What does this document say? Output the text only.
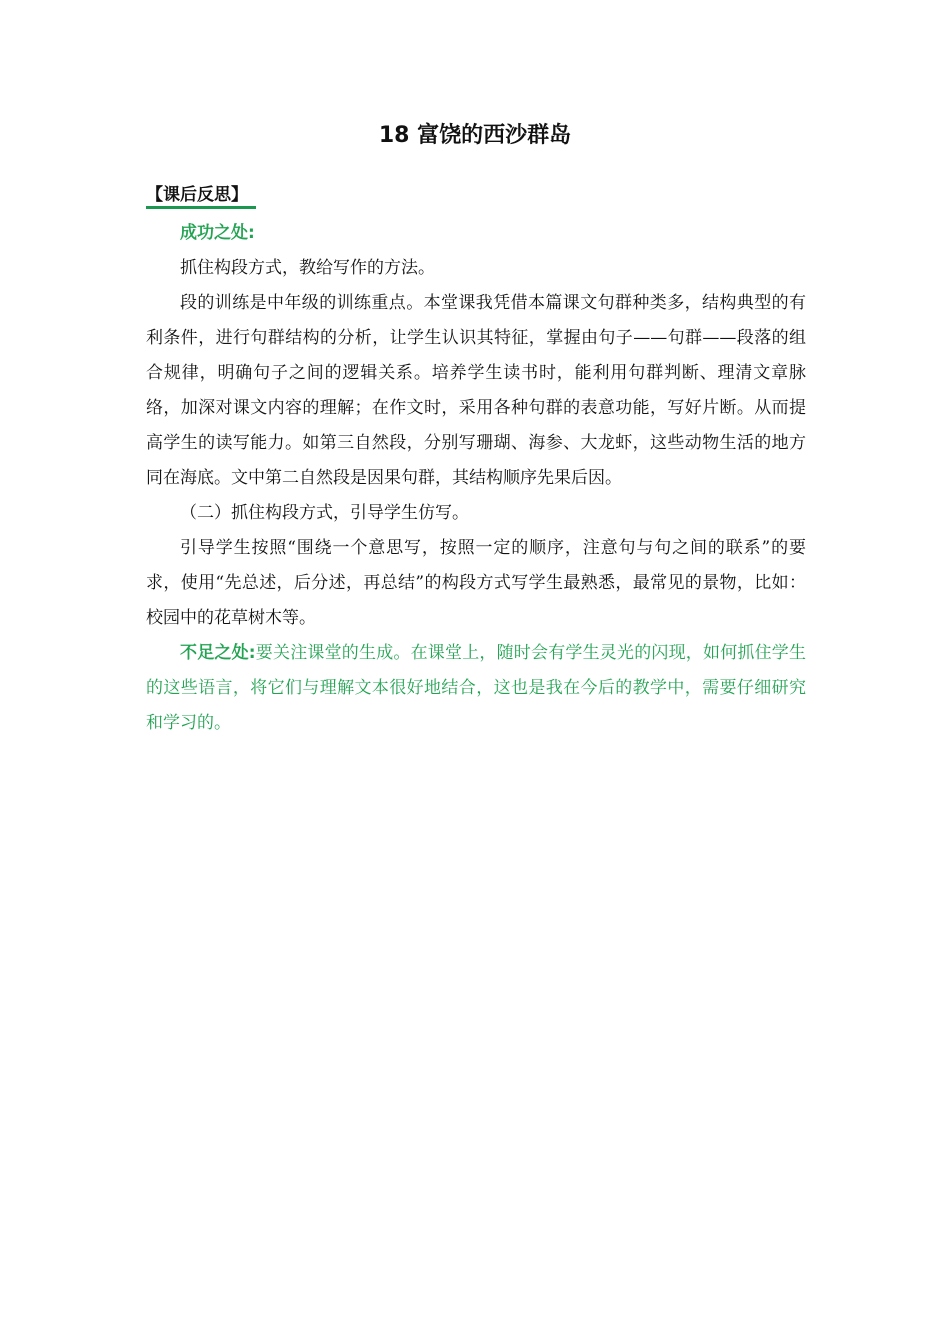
18 富饶的西沙群岛
【课后反思】

成功之处:

抓住构段方式，教给写作的方法。

段的训练是中年级的训练重点。本堂课我凭借本篇课文句群种类多，结构典型的有利条件，进行句群结构的分析，让学生认识其特征，掌握由句子——句群——段落的组合规律，明确句子之间的逻辑关系。培养学生读书时，能利用句群判断、理清文章脉络，加深对课文内容的理解；在作文时，采用各种句群的表意功能，写好片断。从而提高学生的读写能力。如第三自然段，分别写珊瑚、海参、大龙虾，这些动物生活的地方同在海底。文中第二自然段是因果句群，其结构顺序先果后因。

（二）抓住构段方式，引导学生仿写。

引导学生按照“围绕一个意思写，按照一定的顺序，注意句与句之间的联系”的要求，使用“先总述，后分述，再总结”的构段方式写学生最熟悉，最常见的景物，比如：校园中的花草树木等。

不足之处:要关注课堂的生成。在课堂上，随时会有学生灵光的闪现，如何抓住学生的这些语言，将它们与理解文本很好地结合，这也是我在今后的教学中，需要仔细研究和学习的。
